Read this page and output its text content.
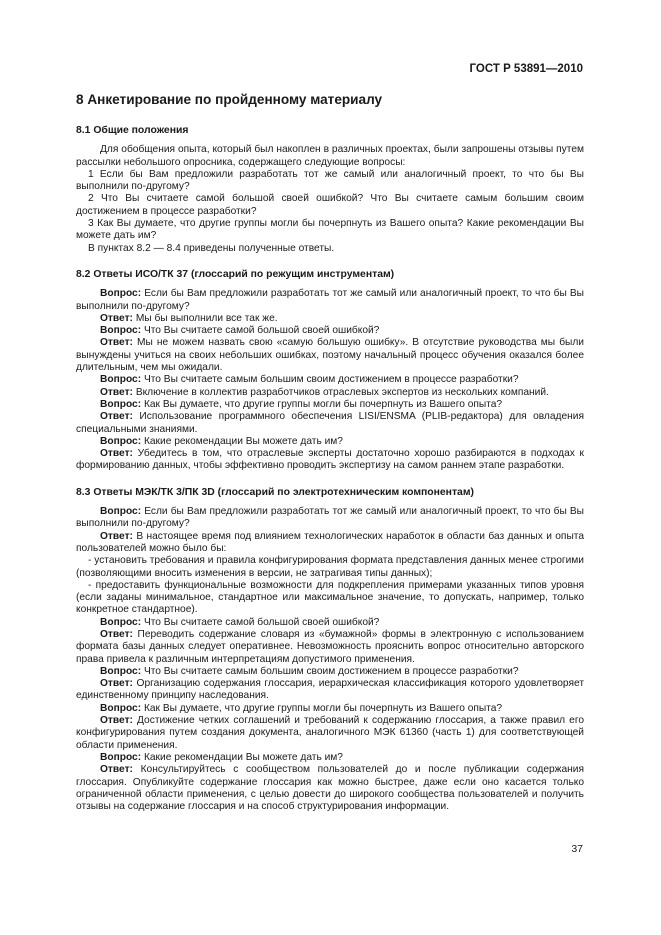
ГОСТ Р 53891—2010
8 Анкетирование по пройденному материалу
8.1 Общие положения

Для обобщения опыта, который был накоплен в различных проектах, были запрошены отзывы путем рассылки небольшого опросника, содержащего следующие вопросы:

1 Если бы Вам предложили разработать тот же самый или аналогичный проект, то что бы Вы выполнили по-другому?

2 Что Вы считаете самой большой своей ошибкой? Что Вы считаете самым большим своим достижением в процессе разработки?

3 Как Вы думаете, что другие группы могли бы почерпнуть из Вашего опыта? Какие рекомендации Вы можете дать им?

В пунктах 8.2 — 8.4 приведены полученные ответы.

8.2 Ответы ИСО/ТК 37 (глоссарий по режущим инструментам)

Вопрос: Если бы Вам предложили разработать тот же самый или аналогичный проект, то что бы Вы выполнили по-другому?

Ответ: Мы бы выполнили все так же.

Вопрос: Что Вы считаете самой большой своей ошибкой?

Ответ: Мы не можем назвать свою «самую большую ошибку». В отсутствие руководства мы были вынуждены учиться на своих небольших ошибках, поэтому начальный процесс обучения оказался более длительным, чем мы ожидали.

Вопрос: Что Вы считаете самым большим своим достижением в процессе разработки?

Ответ: Включение в коллектив разработчиков отраслевых экспертов из нескольких компаний.

Вопрос: Как Вы думаете, что другие группы могли бы почерпнуть из Вашего опыта?

Ответ: Использование программного обеспечения LISI/ENSMA (PLIB-редактора) для овладения специальными знаниями.

Вопрос: Какие рекомендации Вы можете дать им?

Ответ: Убедитесь в том, что отраслевые эксперты достаточно хорошо разбираются в подходах к формированию данных, чтобы эффективно проводить экспертизу на самом раннем этапе разработки.

8.3 Ответы МЭК/ТК 3/ПК 3D (глоссарий по электротехническим компонентам)

Вопрос: Если бы Вам предложили разработать тот же самый или аналогичный проект, то что бы Вы выполнили по-другому?

Ответ: В настоящее время под влиянием технологических наработок в области баз данных и опыта пользователей можно было бы:

- установить требования и правила конфигурирования формата представления данных менее строгими (позволяющими вносить изменения в версии, не затрагивая типы данных);

- предоставить функциональные возможности для подкрепления примерами указанных типов уровня (если заданы минимальное, стандартное или максимальное значение, то допускать, например, только конкретное стандартное).

Вопрос: Что Вы считаете самой большой своей ошибкой?

Ответ: Переводить содержание словаря из «бумажной» формы в электронную с использованием формата базы данных следует оперативнее. Невозможность прояснить вопрос относительно авторского права привела к различным интерпретациям допустимого применения.

Вопрос: Что Вы считаете самым большим своим достижением в процессе разработки?

Ответ: Организацию содержания глоссария, иерархическая классификация которого удовлетворяет единственному принципу наследования.

Вопрос: Как Вы думаете, что другие группы могли бы почерпнуть из Вашего опыта?

Ответ: Достижение четких соглашений и требований к содержанию глоссария, а также правил его конфигурирования путем создания документа, аналогичного МЭК 61360 (часть 1) для соответствующей области применения.

Вопрос: Какие рекомендации Вы можете дать им?

Ответ: Консультируйтесь с сообществом пользователей до и после публикации содержания глоссария. Опубликуйте содержание глоссария как можно быстрее, даже если оно касается только ограниченной области применения, с целью довести до широкого сообщества пользователей и получить отзывы на содержание глоссария и на способ структурирования информации.

37
